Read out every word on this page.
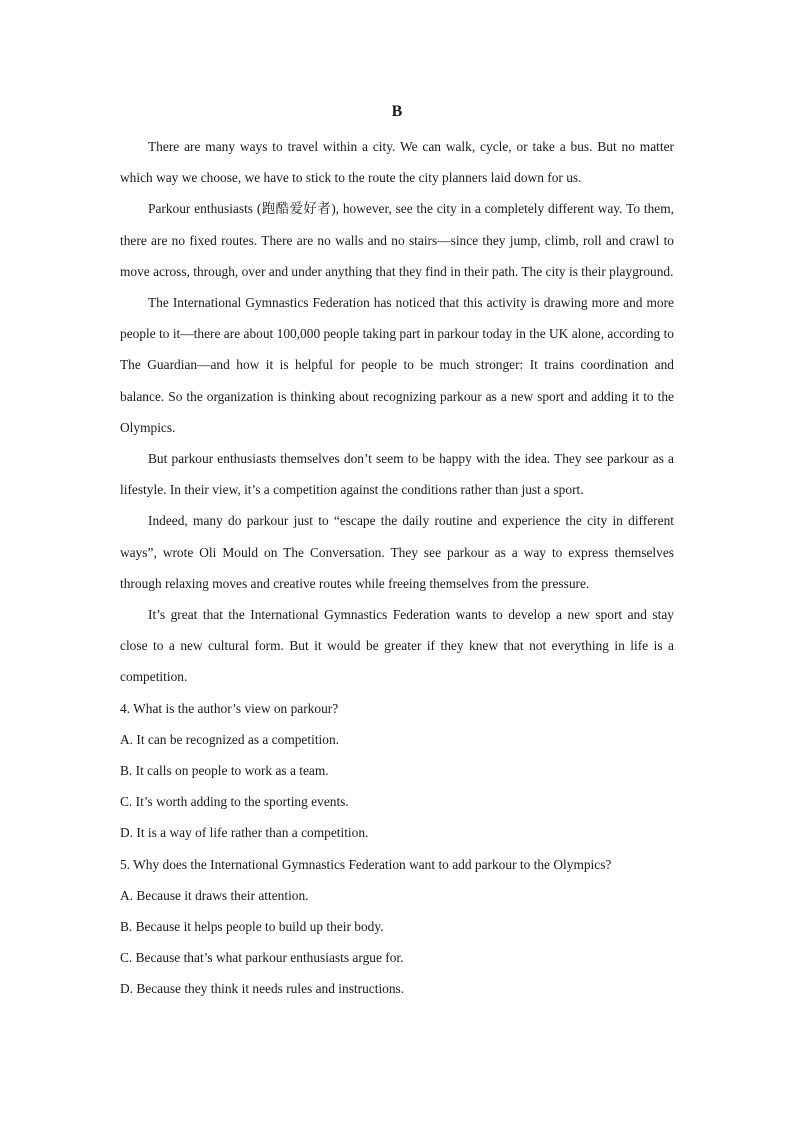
B

There are many ways to travel within a city. We can walk, cycle, or take a bus. But no matter which way we choose, we have to stick to the route the city planners laid down for us.

Parkour enthusiasts (跑酷爱好者), however, see the city in a completely different way. To them, there are no fixed routes. There are no walls and no stairs—since they jump, climb, roll and crawl to move across, through, over and under anything that they find in their path. The city is their playground.

The International Gymnastics Federation has noticed that this activity is drawing more and more people to it—there are about 100,000 people taking part in parkour today in the UK alone, according to The Guardian—and how it is helpful for people to be much stronger: It trains coordination and balance. So the organization is thinking about recognizing parkour as a new sport and adding it to the Olympics.

But parkour enthusiasts themselves don’t seem to be happy with the idea. They see parkour as a lifestyle. In their view, it’s a competition against the conditions rather than just a sport.

Indeed, many do parkour just to “escape the daily routine and experience the city in different ways”, wrote Oli Mould on The Conversation. They see parkour as a way to express themselves through relaxing moves and creative routes while freeing themselves from the pressure.

It’s great that the International Gymnastics Federation wants to develop a new sport and stay close to a new cultural form. But it would be greater if they knew that not everything in life is a competition.

4. What is the author’s view on parkour?

A. It can be recognized as a competition.

B. It calls on people to work as a team.

C. It’s worth adding to the sporting events.

D. It is a way of life rather than a competition.

5. Why does the International Gymnastics Federation want to add parkour to the Olympics?

A. Because it draws their attention.

B. Because it helps people to build up their body.

C. Because that’s what parkour enthusiasts argue for.

D. Because they think it needs rules and instructions.
